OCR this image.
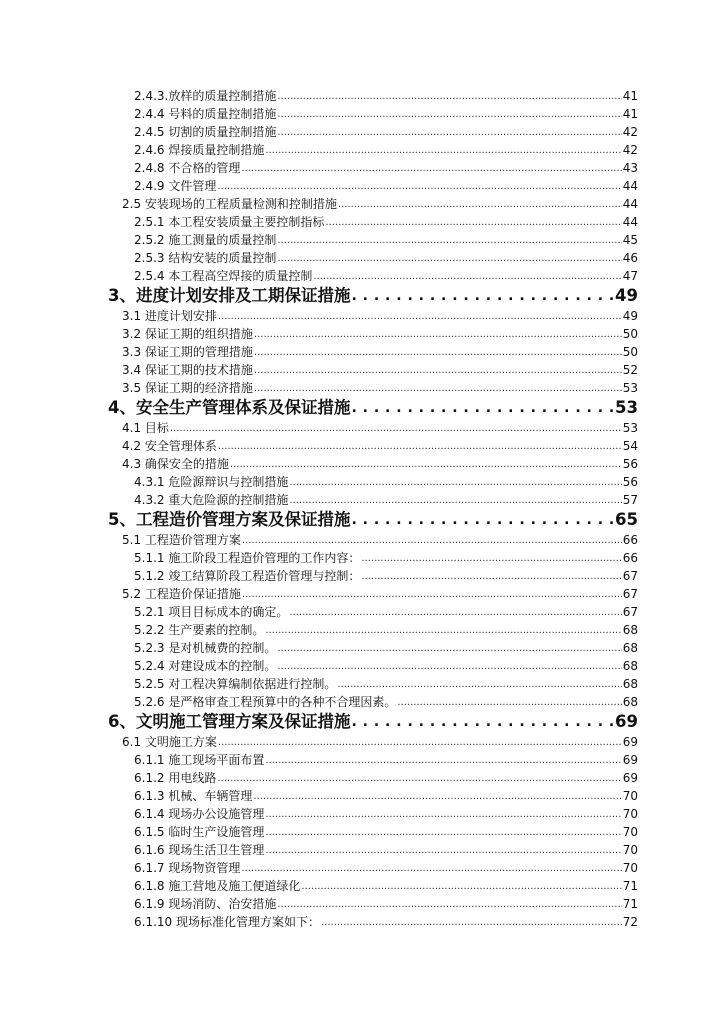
2.4.3.放样的质量控制措施 .....	41
2.4.4 号料的质量控制措施 .....	41
2.4.5 切割的质量控制措施 .....	42
2.4.6 焊接质量控制措施 .....	42
2.4.8 不合格的管理 .....	43
2.4.9 文件管理 .....	44
2.5 安装现场的工程质量检测和控制措施 .....	44
2.5.1 本工程安装质量主要控制指标 .....	44
2.5.2 施工测量的质量控制 .....	45
2.5.3 结构安装的质量控制 .....	46
2.5.4 本工程高空焊接的质量控制 .....	47
3、进度计划安排及工期保证措施 . . .	49
3.1 进度计划安排 .....	49
3.2 保证工期的组织措施 .....	50
3.3 保证工期的管理措施 .....	50
3.4 保证工期的技术措施 .....	52
3.5 保证工期的经济措施 .....	53
4、安全生产管理体系及保证措施 . . .	53
4.1 目标 .....	53
4.2 安全管理体系 .....	54
4.3 确保安全的措施 .....	56
4.3.1 危险源辩识与控制措施 .....	56
4.3.2 重大危险源的控制措施 .....	57
5、工程造价管理方案及保证措施 . . .	65
5.1 工程造价管理方案 .....	66
5.1.1 施工阶段工程造价管理的工作内容： .....	66
5.1.2 竣工结算阶段工程造价管理与控制： .....	67
5.2 工程造价保证措施 .....	67
5.2.1 项目目标成本的确定。 .....	67
5.2.2 生产要素的控制。 .....	68
5.2.3 是对机械费的控制。 .....	68
5.2.4 对建设成本的控制。 .....	68
5.2.5 对工程决算编制依据进行控制。 .....	68
5.2.6 是严格审查工程预算中的各种不合理因素。 .....	68
6、文明施工管理方案及保证措施 . . .	69
6.1 文明施工方案 .....	69
6.1.1 施工现场平面布置 .....	69
6.1.2 用电线路 .....	69
6.1.3 机械、车辆管理 .....	70
6.1.4 现场办公设施管理 .....	70
6.1.5 临时生产设施管理 .....	70
6.1.6 现场生活卫生管理 .....	70
6.1.7 现场物资管理 .....	70
6.1.8 施工营地及施工便道绿化 .....	71
6.1.9 现场消防、治安措施 .....	71
6.1.10 现场标准化管理方案如下： .....	72
